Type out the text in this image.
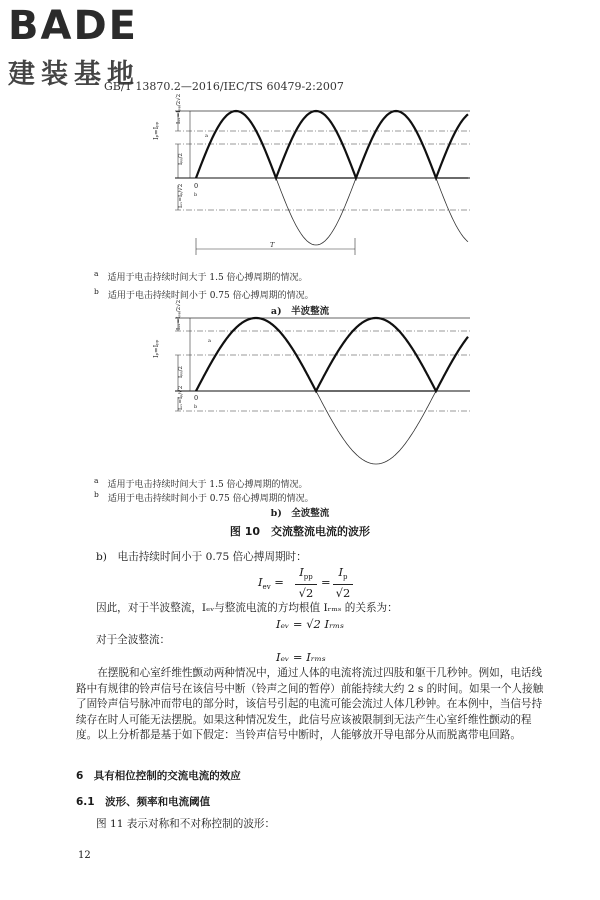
BADE
建装基地
GB/T 13870.2—2016/IEC/TS 60479-2:2007
Iₚ=Iₚₚ
Iₐₓ=Iₚₚ/2√2
Iₚₚ/2
Iₑᵥ=Iₚ/√2 0
T
a
b
Iₚ=Iₚₚ
Iₐₓ=Iₚₚ/2√2
Iₚₚ/2
Iₑᵥ=Iₚ/√2 0
a
b
$^a$　 适用于电击持续时间大于 1.5 倍心搏周期的情况。
$^b$　 适用于电击持续时间小于 0.75 倍心搏周期的情况。
a)　半波整流
$^a$　 适用于电击持续时间大于 1.5 倍心搏周期的情况。
$^b$　 适用于电击持续时间小于 0.75 倍心搏周期的情况。
b)　全波整流
图 10　交流整流电流的波形
b)　电击持续时间小于 0.75 倍心搏周期时：
$I_{ev}$ =
$I_{pp}$
√2
=
$I_p$
√2
因此，对于半波整流，Iₑᵥ与整流电流的方均根值 Iᵣₘₛ 的关系为：
Iₑᵥ = √2 Iᵣₘₛ
对于全波整流：
Iₑᵥ = Iᵣₘₛ
在摆脱和心室纤维性颤动两种情况中，通过人体的电流将流过四肢和躯干几秒钟。例如，电话线路中有规律的铃声信号在该信号中断（铃声之间的暂停）前能持续大约 2 s 的时间。如果一个人接触了固铃声信号脉冲而带电的部分时，该信号引起的电流可能会流过人体几秒钟。在本例中，当信号持续存在时人可能无法摆脱。如果这种情况发生，此信号应该被限制到无法产生心室纤维性颤动的程度。以上分析都是基于如下假定：当铃声信号中断时，人能够放开导电部分从而脱离带电回路。
6　具有相位控制的交流电流的效应
6.1　波形、频率和电流阈值
图 11 表示对称和不对称控制的波形：
12
